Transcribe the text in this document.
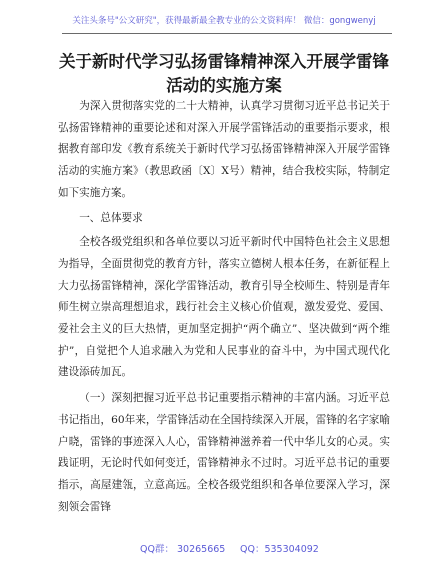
关注头条号"公文研究"，获得最新最全教专业的公文资料库！ 微信：gongwenyj
关于新时代学习弘扬雷锋精神深入开展学雷锋
活动的实施方案

为深入贯彻落实党的二十大精神，认真学习贯彻习近平总书记关于弘扬雷锋精神的重要论述和对深入开展学雷锋活动的重要指示要求，根据教育部印发《教育系统关于新时代学习弘扬雷锋精神深入开展学雷锋活动的实施方案》（教思政函〔X〕X号）精神，结合我校实际，特制定如下实施方案。

一、总体要求

全校各级党组织和各单位要以习近平新时代中国特色社会主义思想为指导，全面贯彻党的教育方针，落实立德树人根本任务，在新征程上大力弘扬雷锋精神，深化学雷锋活动，教育引导全校师生、特别是青年师生树立崇高理想追求，践行社会主义核心价值观，激发爱党、爱国、爱社会主义的巨大热情，更加坚定拥护“两个确立”、坚决做到“两个维护”，自觉把个人追求融入为党和人民事业的奋斗中，为中国式现代化建设添砖加瓦。

（一）深刻把握习近平总书记重要指示精神的丰富内涵。习近平总书记指出，60年来，学雷锋活动在全国持续深入开展，雷锋的名字家喻户晓，雷锋的事迹深入人心，雷锋精神滋养着一代中华儿女的心灵。实践证明，无论时代如何变迁，雷锋精神永不过时。习近平总书记的重要指示，高屋建瓴，立意高远。全校各级党组织和各单位要深入学习，深刻领会雷锋

QQ群： 30265665 QQ：535304092
